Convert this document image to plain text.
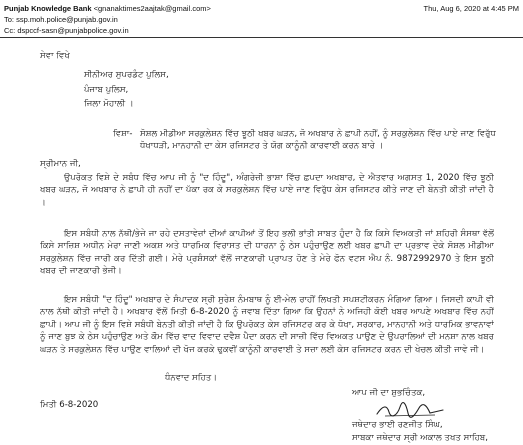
Punjab Knowledge Bank <gnanaktimes2aajtak@gmail.com>	Thu, Aug 6, 2020 at 4:45 PM
To: ssp.moh.police@punjab.gov.in
Cc: dspccf-sasn@punjabpolice.gov.in
ਸੇਵਾ ਵਿਖੇ
ਸੀਨੀਅਰ ਸੁਪਰਡੰਟ ਪੁਲਿਸ,
ਪੰਜਾਬ ਪੁਲਿਸ,
ਜਿਲਾ ਮੋਹਾਲੀ ।
ਵਿਸ਼ਾ- ਸੋਸ਼ਲ ਮੀਡੀਆ ਸਰਕੁਲੇਸ਼ਨ ਵਿੱਚ ਝੂਠੀ ਖਬਰ ਘੜਨ, ਜੋ ਅਖਬਾਰ ਨੇ ਛਾਪੀ ਨਹੀਂ, ਨੂੰ ਸਰਕੁਲੇਸ਼ਨ ਵਿੱਚ ਪਾਏ ਜਾਣ ਵਿਰੁੱਧ ਧੋਖਾਧੜੀ, ਮਾਨਹਾਨੀ ਦਾ ਕੇਸ ਰਜਿਸਟਰ ਤੇ ਯੋਗ ਕਾਨੂੰਨੀ ਕਾਰਵਾਈ ਕਰਨ ਬਾਰੇ ।

ਸ੍ਰੀਮਾਨ ਜੀ,

ਉਪਰੋਕਤ ਵਿਸ਼ੇ ਦੇ ਸਬੰਧ ਵਿੱਚ ਆਪ ਜੀ ਨੂੰ "ਦ ਹਿੰਦੂ", ਅੰਗਰੇਜ਼ੀ ਭਾਸ਼ਾ ਵਿੱਚ ਛਪਦਾ ਅਖਬਾਰ, ਦੇ ਐਤਵਾਰ ਅਗਸਤ 1, 2020 ਵਿੱਚ ਝੂਠੀ ਖਬਰ ਘੜਨ, ਜੋ ਅਖਬਾਰ ਨੇ ਛਾਪੀ ਹੀ ਨਹੀਂ ਦਾ ਪੱਕਾ ਰਕ ਕੇ ਸਰਕੁਲੇਸ਼ਨ ਵਿੱਚ ਪਾਏ ਜਾਣ ਵਿਰੁੱਧ ਕੇਸ ਰਜਿਸਟਰ ਕੀਤੇ ਜਾਣ ਦੀ ਬੇਨਤੀ ਕੀਤੀ ਜਾਂਦੀ ਹੈ ।

ਇਸ ਸਬੰਧੀ ਨਾਲ ਨੱਥੀ/ਭੇਜੇ ਜਾ ਰਹੇ ਦਸਤਾਵੇਜ਼ਾਂ ਦੀਆਂ ਕਾਪੀਆਂ ਤੋਂ ਇਹ ਭਲੀ ਭਾਂਤੀ ਸਾਬਤ ਹੁੰਦਾ ਹੈ ਕਿ ਕਿਸੇ ਵਿਅਕਤੀ ਜਾਂ ਸ਼ਹਿਰੀ ਸੰਸਥਾ ਵੱਲੋਂ ਕਿਸੇ ਸਾਜ਼ਿਸ਼ ਅਧੀਨ ਮੇਰਾ ਜਾਣੀ ਅਕਸ਼ ਅਤੇ ਧਾਰਮਿਕ ਵਿਰਾਸਤ ਦੀ ਧਾਰਨਾ ਨੂੰ ਠੇਸ ਪਹੁੰਚਾਉਣ ਲਈ ਖਬਰ ਛਾਪੀ ਦਾ ਪ੍ਰਭਾਵ ਦੇਕੇ ਸੋਸ਼ਲ ਮੀਡੀਆ ਸਰਕੁਲੇਸ਼ਨ ਵਿੱਚ ਜਾਰੀ ਕਰ ਦਿੱਤੀ ਗਈ। ਮੇਰੇ ਪ੍ਰਸ਼ੰਸਕਾਂ ਵੱਲੋਂ ਜਾਣਕਾਰੀ ਪ੍ਰਾਪਤ ਹੋਣ ਤੇ ਮੇਰੇ ਫੋਨ ਵਟਸ ਐਪ ਨੰ. 9872992970 ਤੇ ਇਸ ਝੂਠੀ ਖਬਰ ਦੀ ਜਾਣਕਾਰੀ ਭੇਜੀ।

ਇਸ ਸਬੰਧੀ "ਦ ਹਿੰਦੂ" ਅਖਬਾਰ ਦੇ ਸੰਪਾਦਕ ਸ੍ਰੀ ਸੁਰੇਸ਼ ਨੰਮਬਾਥ ਨੂੰ ਈ-ਮੇਲ ਰਾਹੀਂ ਲਿਖਤੀ ਸਪਸ਼ਟੀਕਰਨ ਮੰਗਿਆ ਗਿਆ। ਜਿਸਦੀ ਕਾਪੀ ਵੀ ਨਾਲ ਨੱਥੀ ਕੀਤੀ ਜਾਂਦੀ ਹੈ। ਅਖਬਾਰ ਵੱਲੋਂ ਮਿਤੀ 6-8-2020 ਨੂੰ ਜਵਾਬ ਦਿੱਤਾ ਗਿਆ ਕਿ ਉਹਨਾਂ ਨੇ ਅਜਿਹੀ ਕੋਈ ਖਬਰ ਆਪਣੇ ਅਖਬਾਰ ਵਿੱਚ ਨਹੀਂ ਛਾਪੀ। ਆਪ ਜੀ ਨੂੰ ਇਸ ਵਿਸ਼ੇ ਸਬੰਧੀ ਬੇਨਤੀ ਕੀਤੀ ਜਾਂਦੀ ਹੈ ਕਿ ਉਪਰੋਕਤ ਕੇਸ ਰਜਿਸਟਰ ਕਰ ਕੇ ਧੋਖਾ, ਸਰਕਾਰ, ਮਾਨਹਾਨੀ ਅਤੇ ਧਾਰਮਿਕ ਭਾਵਨਾਵਾਂ ਨੂੰ ਜਾਣ ਬੁਝ ਕੇ ਠੇਸ ਪਹੁੰਚਾਉਣ ਅਤੇ ਕੌਮ ਵਿੱਚ ਵਾਦ ਵਿਵਾਦ ਦਵੈਸ਼ ਪੈਦਾ ਕਰਨ ਦੀ ਸਾਜ਼ੀ ਵਿੱਚ ਵਿਅਕਤ ਪਾਉਣ ਦੇ ਉਪਰਾਲਿਆਂ ਦੀ ਮਨਸ਼ਾ ਨਾਲ ਖਬਰ ਘੜਨ ਤੇ ਸਰਕੁਲੇਸ਼ਨ ਵਿੱਚ ਪਾਉਣ ਵਾਲਿਆਂ ਦੀ ਖੋਜ ਕਰਕੇ ਢੁਕਵੀਂ ਕਾਨੂੰਨੀ ਕਾਰਵਾਈ ਤੇ ਸਜ਼ਾ ਲਈ ਕੇਸ ਰਜਿਸਟਰ ਕਰਨ ਦੀ ਖੇਚਲ ਕੀਤੀ ਜਾਵੇ ਜੀ।

ਧੰਨਵਾਦ ਸਹਿਤ।
ਆਪ ਜੀ ਦਾ ਸ਼ੁਭਚਿੰਤਕ,
ਮਿਤੀ 6-8-2020
ਜਥੇਦਾਰ ਭਾਈ ਰਣਜੀਤ ਸਿੰਘ,
ਸਾਬਕਾ ਜਥੇਦਾਰ ਸ੍ਰੀ ਅਕਾਲ ਤਖਤ ਸਾਹਿਬ,
